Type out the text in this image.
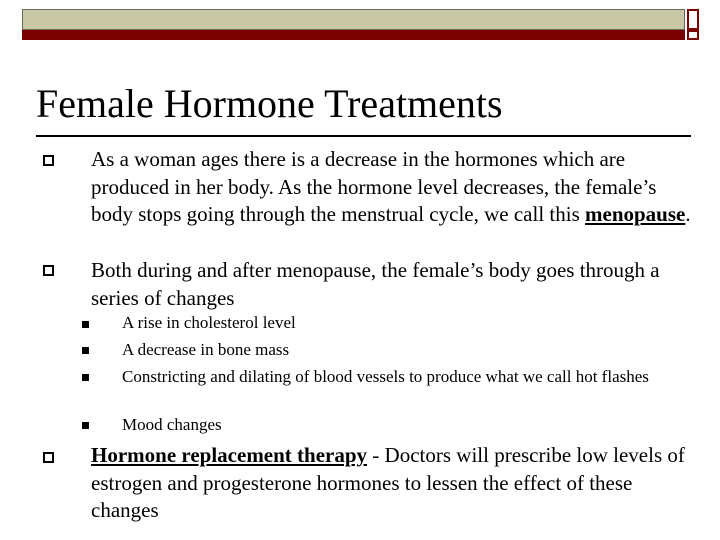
Female Hormone Treatments

As a woman ages there is a decrease in the hormones which are produced in her body. As the hormone level decreases, the female’s body stops going through the menstrual cycle, we call this menopause.

Both during and after menopause, the female’s body goes through a series of changes

A rise in cholesterol level

A decrease in bone mass

Constricting and dilating of blood vessels to produce what we call hot flashes

Mood changes

Hormone replacement therapy - Doctors will prescribe low levels of estrogen and progesterone hormones to lessen the effect of these changes
